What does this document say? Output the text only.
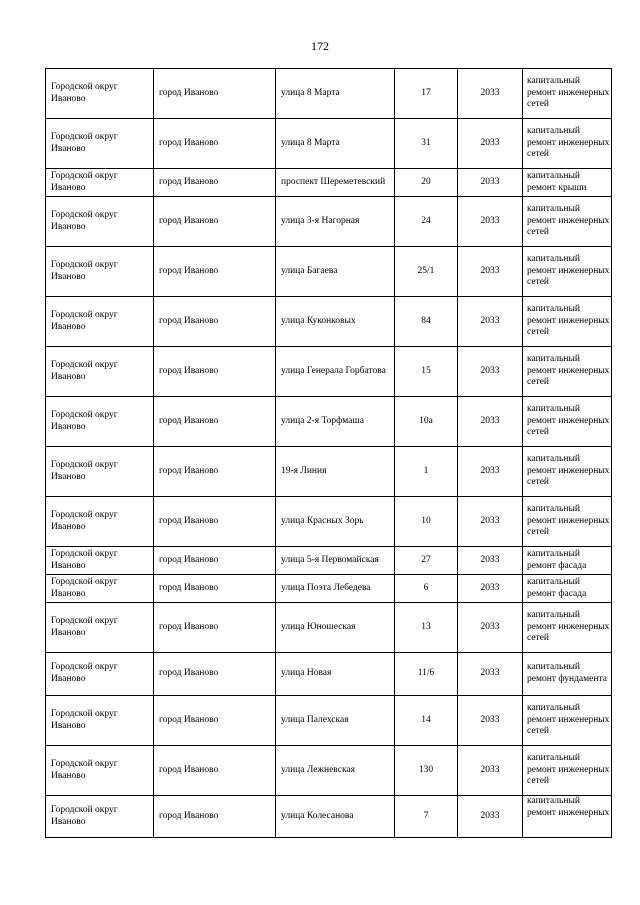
172
Городской округ Иваново	город Иваново	улица 8 Марта	17	2033	капитальный ремонт инженерных сетей
Городской округ Иваново	город Иваново	улица 8 Марта	31	2033	капитальный ремонт инженерных сетей
Городской округ Иваново	город Иваново	проспект Шереметевский	20	2033	капитальный ремонт крыши
Городской округ Иваново	город Иваново	улица 3-я Нагорная	24	2033	капитальный ремонт инженерных сетей
Городской округ Иваново	город Иваново	улица Багаева	25/1	2033	капитальный ремонт инженерных сетей
Городской округ Иваново	город Иваново	улица Куконковых	84	2033	капитальный ремонт инженерных сетей
Городской округ Иваново	город Иваново	улица Генерала Горбатова	15	2033	капитальный ремонт инженерных сетей
Городской округ Иваново	город Иваново	улица 2-я Торфмаша	10а	2033	капитальный ремонт инженерных сетей
Городской округ Иваново	город Иваново	19-я Линия	1	2033	капитальный ремонт инженерных сетей
Городской округ Иваново	город Иваново	улица Красных Зорь	10	2033	капитальный ремонт инженерных сетей
Городской округ Иваново	город Иваново	улица 5-я Первомайская	27	2033	капитальный ремонт фасада
Городской округ Иваново	город Иваново	улица Поэта Лебедева	6	2033	капитальный ремонт фасада
Городской округ Иваново	город Иваново	улица Юношеская	13	2033	капитальный ремонт инженерных сетей
Городской округ Иваново	город Иваново	улица Новая	11/6	2033	капитальный ремонт фундамента
Городской округ Иваново	город Иваново	улица Палехская	14	2033	капитальный ремонт инженерных сетей
Городской округ Иваново	город Иваново	улица Лежневская	130	2033	капитальный ремонт инженерных сетей
Городской округ Иваново	город Иваново	улица Колесанова	7	2033	капитальный ремонт инженерных
